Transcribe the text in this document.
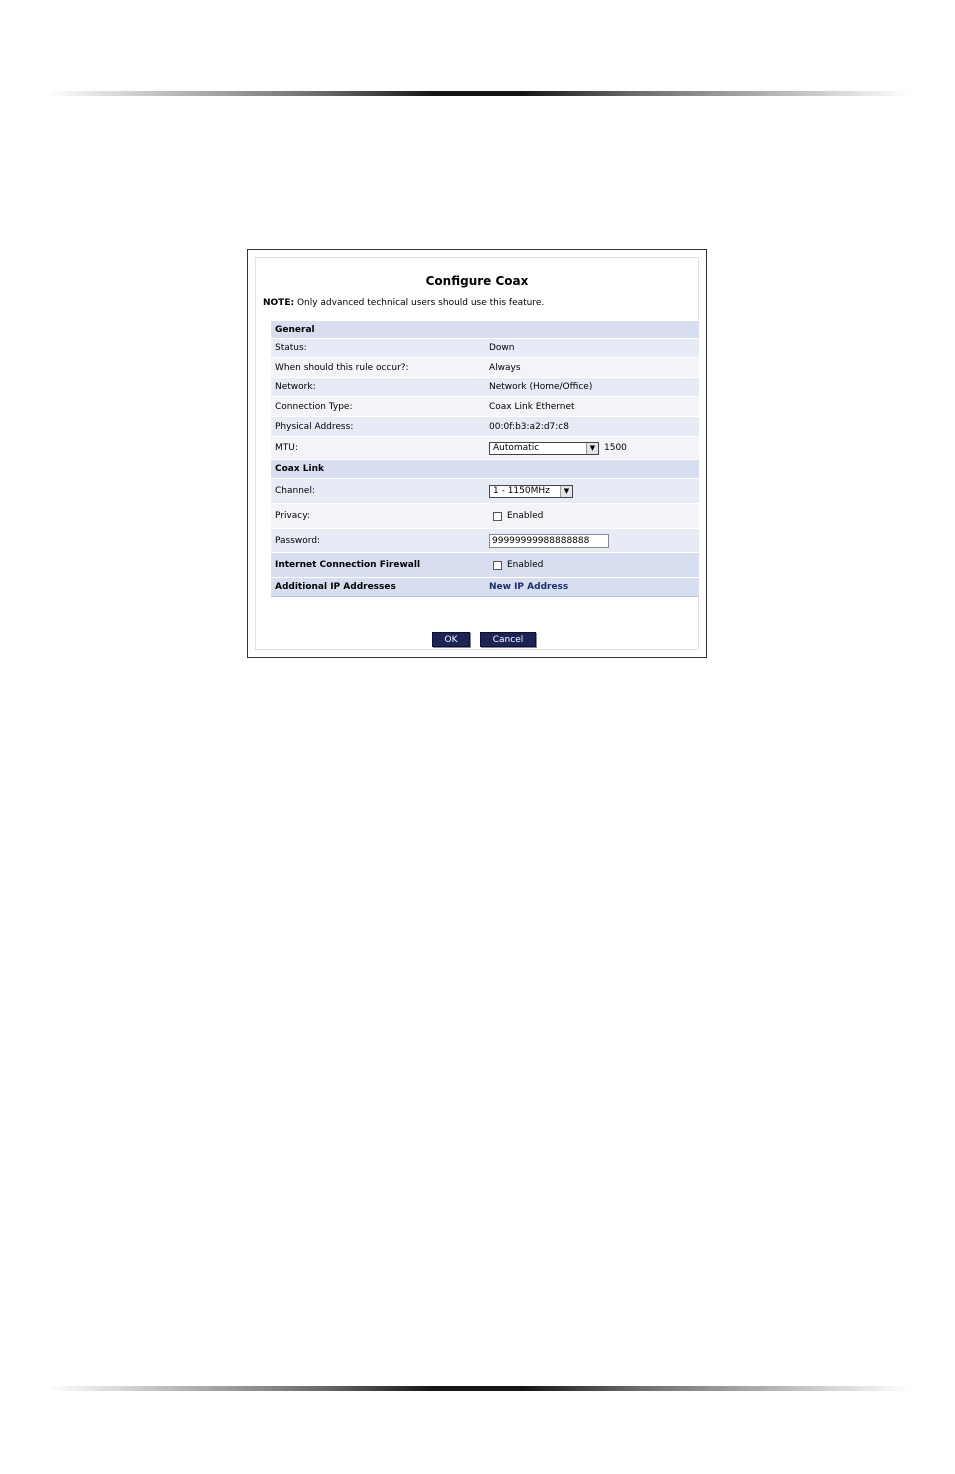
Configure Coax
NOTE: Only advanced technical users should use this feature.
General
Status:	Down
When should this rule occur?:	Always
Network:	Network (Home/Office)
Connection Type:	Coax Link Ethernet
Physical Address:	00:0f:b3:a2:d7:c8
MTU:	Automatic	▼ 1500
Coax Link
Channel:	1 - 1150MHz	▼
Privacy:	Enabled
Password:	99999999988888888
Internet Connection Firewall	Enabled
Additional IP Addresses	New IP Address
OK	Cancel
